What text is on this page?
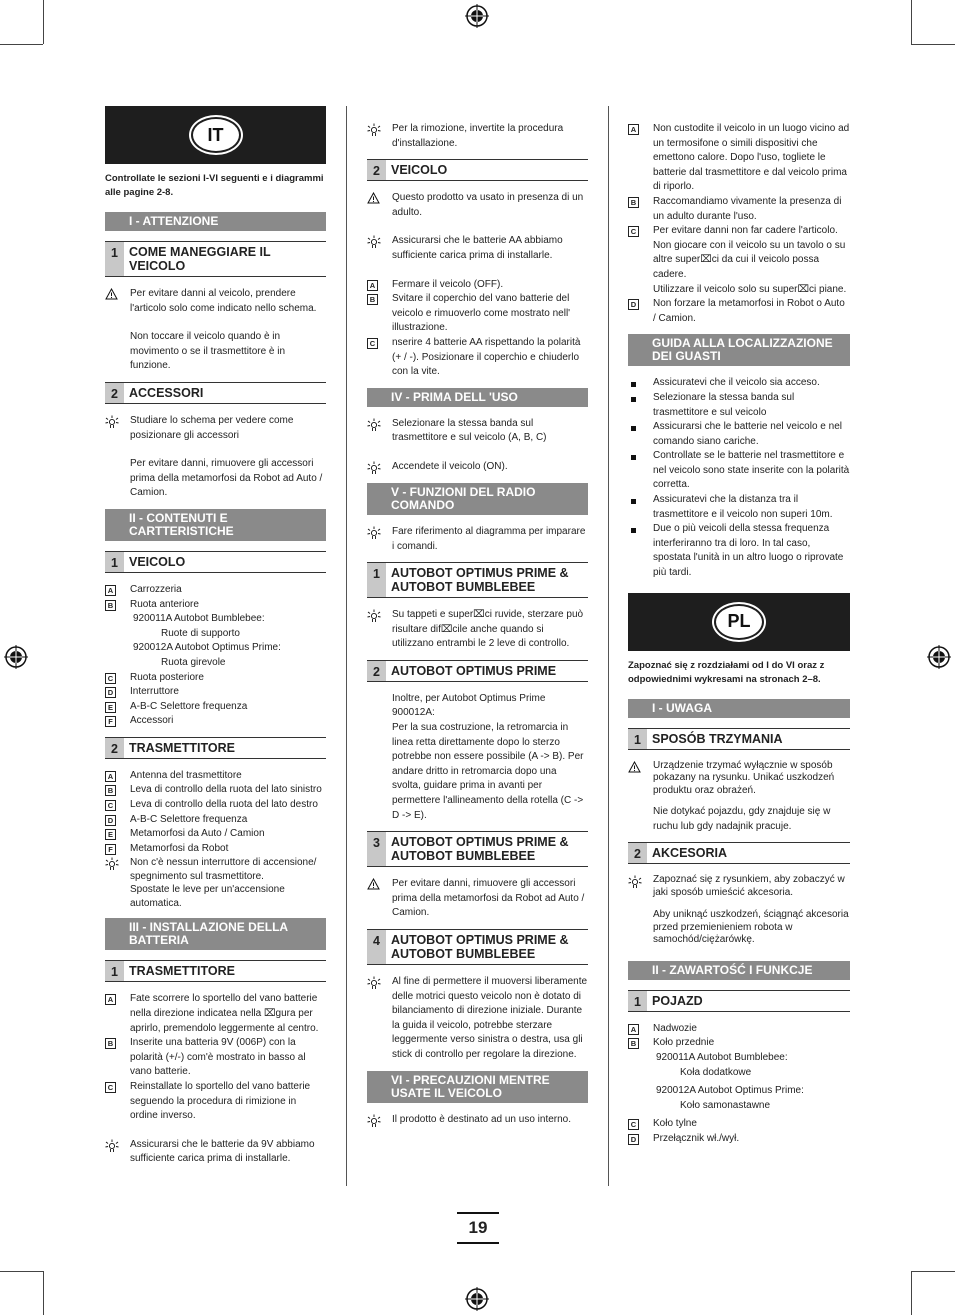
IT
Controllate le sezioni I-VI seguenti e i diagrammi alle pagine 2-8.
I - ATTENZIONE
1 COME MANEGGIARE IL VEICOLO
Per evitare danni al veicolo, prendere l'articolo solo come indicato nello schema.
Non toccare il veicolo quando è in movimento o se il trasmettitore è in funzione.
2 ACCESSORI
Studiare lo schema per vedere come posizionare gli accessori
Per evitare danni, rimuovere gli accessori prima della metamorfosi da Robot ad Auto / Camion.
II - CONTENUTI E CARTTERISTICHE
1 VEICOLO
A Carrozzeria
B Ruota anteriore
920011A Autobot Bumblebee:
Ruote di supporto
920012A Autobot Optimus Prime:
Ruota girevole
C Ruota posteriore
D Interruttore
E	A-B-C Selettore frequenza
F	Accessori
2 TRASMETTITORE
A Antenna del trasmettitore
B Leva di controllo della ruota del lato sinistro
C Leva di controllo della ruota del lato destro
D A-B-C Selettore frequenza
E	Metamorfosi da Auto / Camion
F	Metamorfosi da Robot
Non c'è nessun interruttore di accensione/ spegnimento sul trasmettitore.
Spostate le leve per un'accensione automatica.
III - INSTALLAZIONE DELLA BATTERIA
1 TRASMETTITORE
A Fate scorrere lo sportello del vano batterie nella direzione indicatea nella ⌧gura per aprirlo, premendolo leggermente al centro.
B Inserite una batteria 9V (006P) con la polarità (+/-) com'è mostrato in basso al vano batterie.
C Reinstallate lo sportello del vano batterie seguendo la procedura di rimizione in ordine inverso.
Assicurarsi che le batterie da 9V abbiamo sufficiente carica prima di installarle.
Per la rimozione, invertite la procedura d'installazione.
2 VEICOLO
Questo prodotto va usato in presenza di un adulto.
Assicurarsi che le batterie AA abbiamo sufficiente carica prima di installarle.
A Fermare il veicolo (OFF).
B Svitare il coperchio del vano batterie del veicolo e rimuoverlo come mostrato nell' illustrazione.
C nserire 4 batterie AA rispettando la polarità (+ / -). Posizionare il coperchio e chiuderlo con la vite.
IV - PRIMA DELL 'USO
Selezionare la stessa banda sul trasmettitore e sul veicolo (A, B, C)
Accendete il veicolo (ON).
V - FUNZIONI DEL RADIO COMANDO
Fare riferimento al diagramma per imparare i comandi.
1 AUTOBOT OPTIMUS PRIME & AUTOBOT BUMBLEBEE
Su tappeti e super⌧ci ruvide, sterzare può risultare dif⌧cile anche quando si utilizzano entrambi le 2 leve di controllo.
2 AUTOBOT OPTIMUS PRIME
Inoltre, per Autobot Optimus Prime 900012A:
Per la sua costruzione, la retromarcia in linea retta direttamente dopo lo sterzo potrebbe non essere possibile (A -> B). Per andare dritto in retromarcia dopo una svolta, guidare prima in avanti per permettere l'allineamento della rotella (C -> D -> E).
3 AUTOBOT OPTIMUS PRIME & AUTOBOT BUMBLEBEE
Per evitare danni, rimuovere gli accessori prima della metamorfosi da Robot ad Auto / Camion.
4 AUTOBOT OPTIMUS PRIME & AUTOBOT BUMBLEBEE
Al fine di permettere il muoversi liberamente delle motrici questo veicolo non è dotato di bilanciamento di direzione iniziale. Durante la guida il veicolo, potrebbe sterzare leggermente verso sinistra o destra, usa gli stick di controllo per regolare la direzione.
VI - PRECAUZIONI MENTRE USATE IL VEICOLO
Il prodotto è destinato ad un uso interno.
A Non custodite il veicolo in un luogo vicino ad un termosifone o simili dispositivi che emettono calore. Dopo l'uso, togliete le batterie dal trasmettitore e dal veicolo prima di riporlo.
B Raccomandiamo vivamente la presenza di un adulto durante l'uso.
C Per evitare danni non far cadere l'articolo. Non giocare con il veicolo su un tavolo o su altre super⌧ci da cui il veicolo possa cadere.
Utilizzare il veicolo solo su super⌧ci piane.
D Non forzare la metamorfosi in Robot o Auto / Camion.
GUIDA ALLA LOCALIZZAZIONE DEI GUASTI
Assicuratevi che il veicolo sia acceso.
Selezionare la stessa banda sul trasmettitore e sul veicolo
Assicurarsi che le batterie nel veicolo e nel comando siano cariche.
Controllate se le batterie nel trasmettitore e nel veicolo sono state inserite con la polarità corretta.
Assicuratevi che la distanza tra il trasmettitore e il veicolo non superi 10m.
Due o più veicoli della stessa frequenza interferiranno tra di loro. In tal caso, spostata l'unità in un altro luogo o riprovate più tardi.
PL
Zapoznać się z rozdziałami od I do VI oraz z odpowiednimi wykresami na stronach 2–8.
I - UWAGA
1 SPOSÓB TRZYMANIA
Urządzenie trzymać wyłącznie w sposób pokazany na rysunku. Unikać uszkodzeń produktu oraz obrażeń.
Nie dotykać pojazdu, gdy znajduje się w ruchu lub gdy nadajnik pracuje.
2 AKCESORIA
Zapoznać się z rysunkiem, aby zobaczyć w jaki sposób umieścić akcesoria.
Aby uniknąć uszkodzeń, ściągnąć akcesoria przed przemienieniem robota w samochód/ciężarówkę.
II - ZAWARTOŚĆ I FUNKCJE
1 POJAZD
A Nadwozie
B Koło przednie
920011A Autobot Bumblebee:
Koła dodatkowe
920012A Autobot Optimus Prime:
Koło samonastawne
C Koło tylne
D Przełącznik wł./wył.
19
